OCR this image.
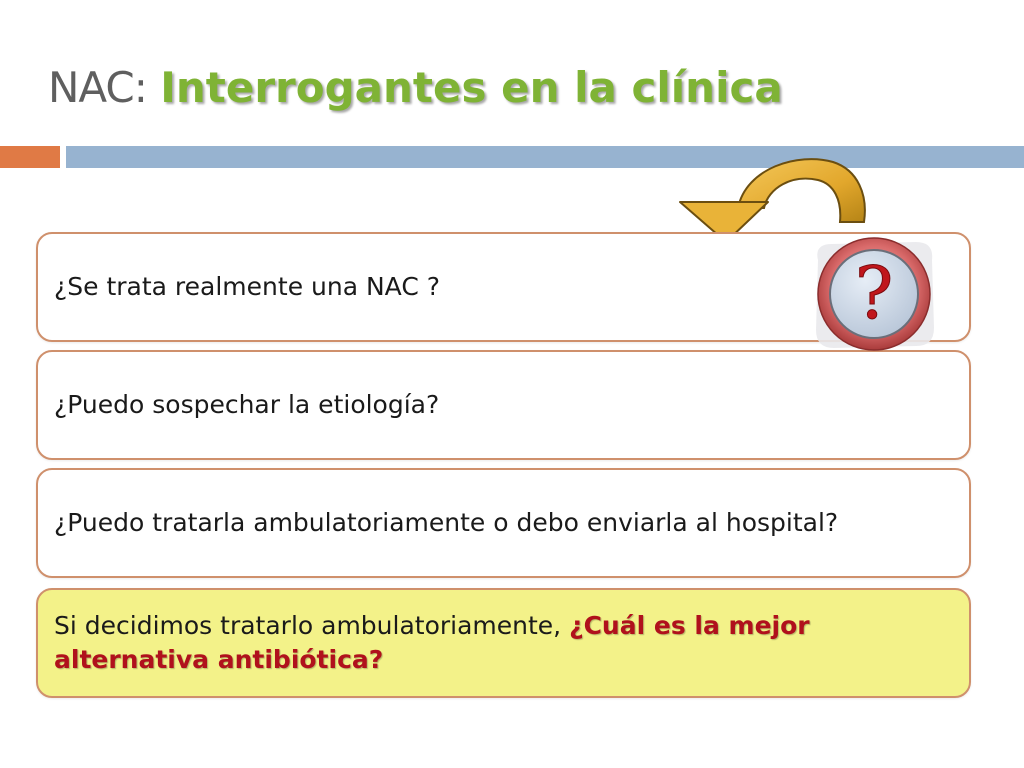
NAC: Interrogantes en la clínica
¿Se trata realmente una NAC ?
¿Puedo sospechar la etiología?
¿Puedo tratarla ambulatoriamente o debo enviarla al hospital?
Si decidimos tratarlo ambulatoriamente, ¿Cuál es la mejor alternativa antibiótica?
?
